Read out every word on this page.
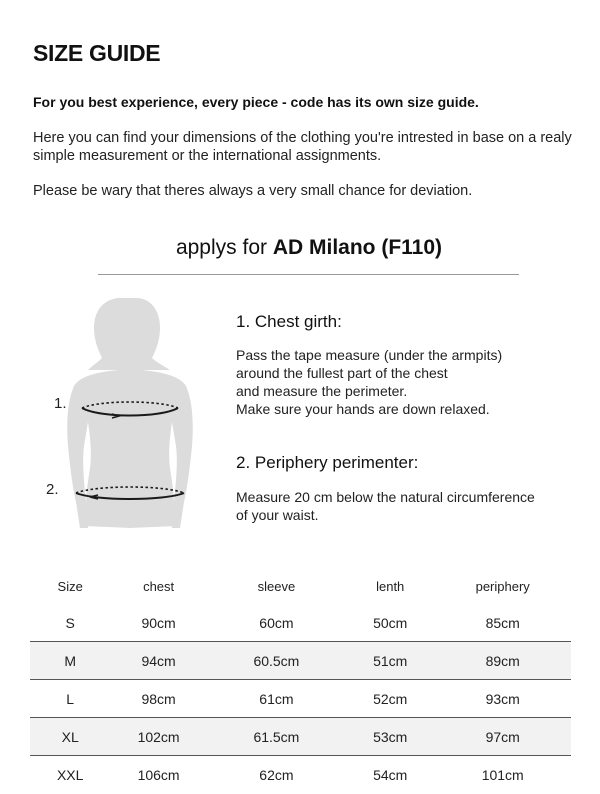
SIZE GUIDE

For you best experience, every piece - code has its own size guide.

Here you can find your dimensions of the clothing you're intrested in base on a realy simple measurement or the international assignments.

Please be wary that theres always a very small chance for deviation.

applys for AD Milano (F110)
1.
2.
1. Chest girth:

Pass the tape measure (under the armpits)
around the fullest part of the chest
and measure the perimeter.
Make sure your hands are down relaxed.

2. Periphery perimenter:

Measure 20 cm below the natural circumference
of your waist.

Size	chest	sleeve	lenth	periphery
S	90cm	60cm	50cm	85cm
M	94cm	60.5cm	51cm	89cm
L	98cm	61cm	52cm	93cm
XL	102cm	61.5cm	53cm	97cm
XXL	106cm	62cm	54cm	101cm
